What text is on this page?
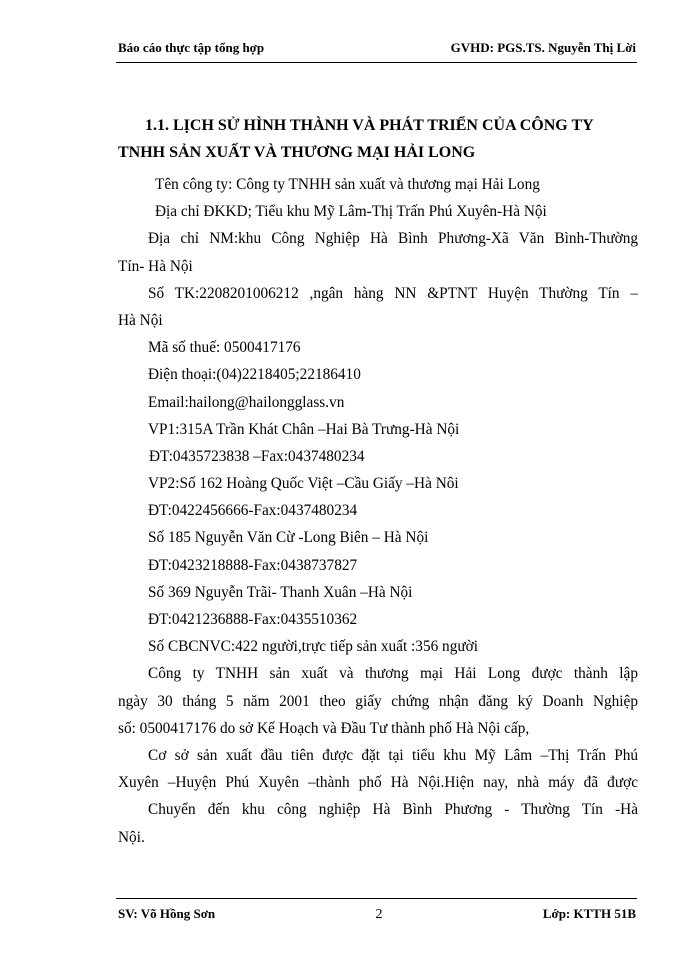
Báo cáo thực tập tổng hợp	GVHD: PGS.TS. Nguyễn Thị Lời
1.1. LỊCH SỬ HÌNH THÀNH VÀ PHÁT TRIỂN CỦA CÔNG TY
TNHH SẢN XUẤT VÀ THƯƠNG MẠI HẢI LONG
Tên công ty: Công ty TNHH sản xuất và thương mại Hải Long
Địa chỉ ĐKKD; Tiểu khu Mỹ Lâm-Thị Trấn Phú Xuyên-Hà Nội
Địa chỉ NM:khu Công Nghiệp Hà Bình Phương-Xã Văn Bình-Thường
Tín- Hà Nội
Số TK:2208201006212 ,ngân hàng NN &PTNT Huyện Thường Tín –
Hà Nội
Mã số thuế: 0500417176
Điện thoại:(04)2218405;22186410
Email:hailong@hailongglass.vn
VP1:315A Trần Khát Chân –Hai Bà Trưng-Hà Nội
ĐT:0435723838 –Fax:0437480234
VP2:Số 162 Hoàng Quốc Việt –Cầu Giấy –Hà Nôi
ĐT:0422456666-Fax:0437480234
Số 185 Nguyễn Văn Cừ -Long Biên – Hà Nội
ĐT:0423218888-Fax:0438737827
Số 369 Nguyễn Trãi- Thanh Xuân –Hà Nội
ĐT:0421236888-Fax:0435510362
Số CBCNVC:422 người,trực tiếp sản xuất :356 người
Công ty TNHH sản xuất và thương mại Hải Long được thành lập
ngày 30 tháng 5 năm 2001 theo giấy chứng nhận đăng ký Doanh Nghiệp
số: 0500417176 do sở Kế Hoạch và Đầu Tư thành phố Hà Nội cấp,
Cơ sở sản xuất đầu tiên được đặt tại tiểu khu Mỹ Lâm –Thị Trấn Phú
Xuyên –Huyện Phú Xuyên –thành phố Hà Nội.Hiện nay, nhà máy đã được
Chuyển đến khu công nghiệp Hà Bình Phương - Thường Tín -Hà
Nội.
SV: Võ Hồng Sơn	2	Lớp: KTTH 51B
